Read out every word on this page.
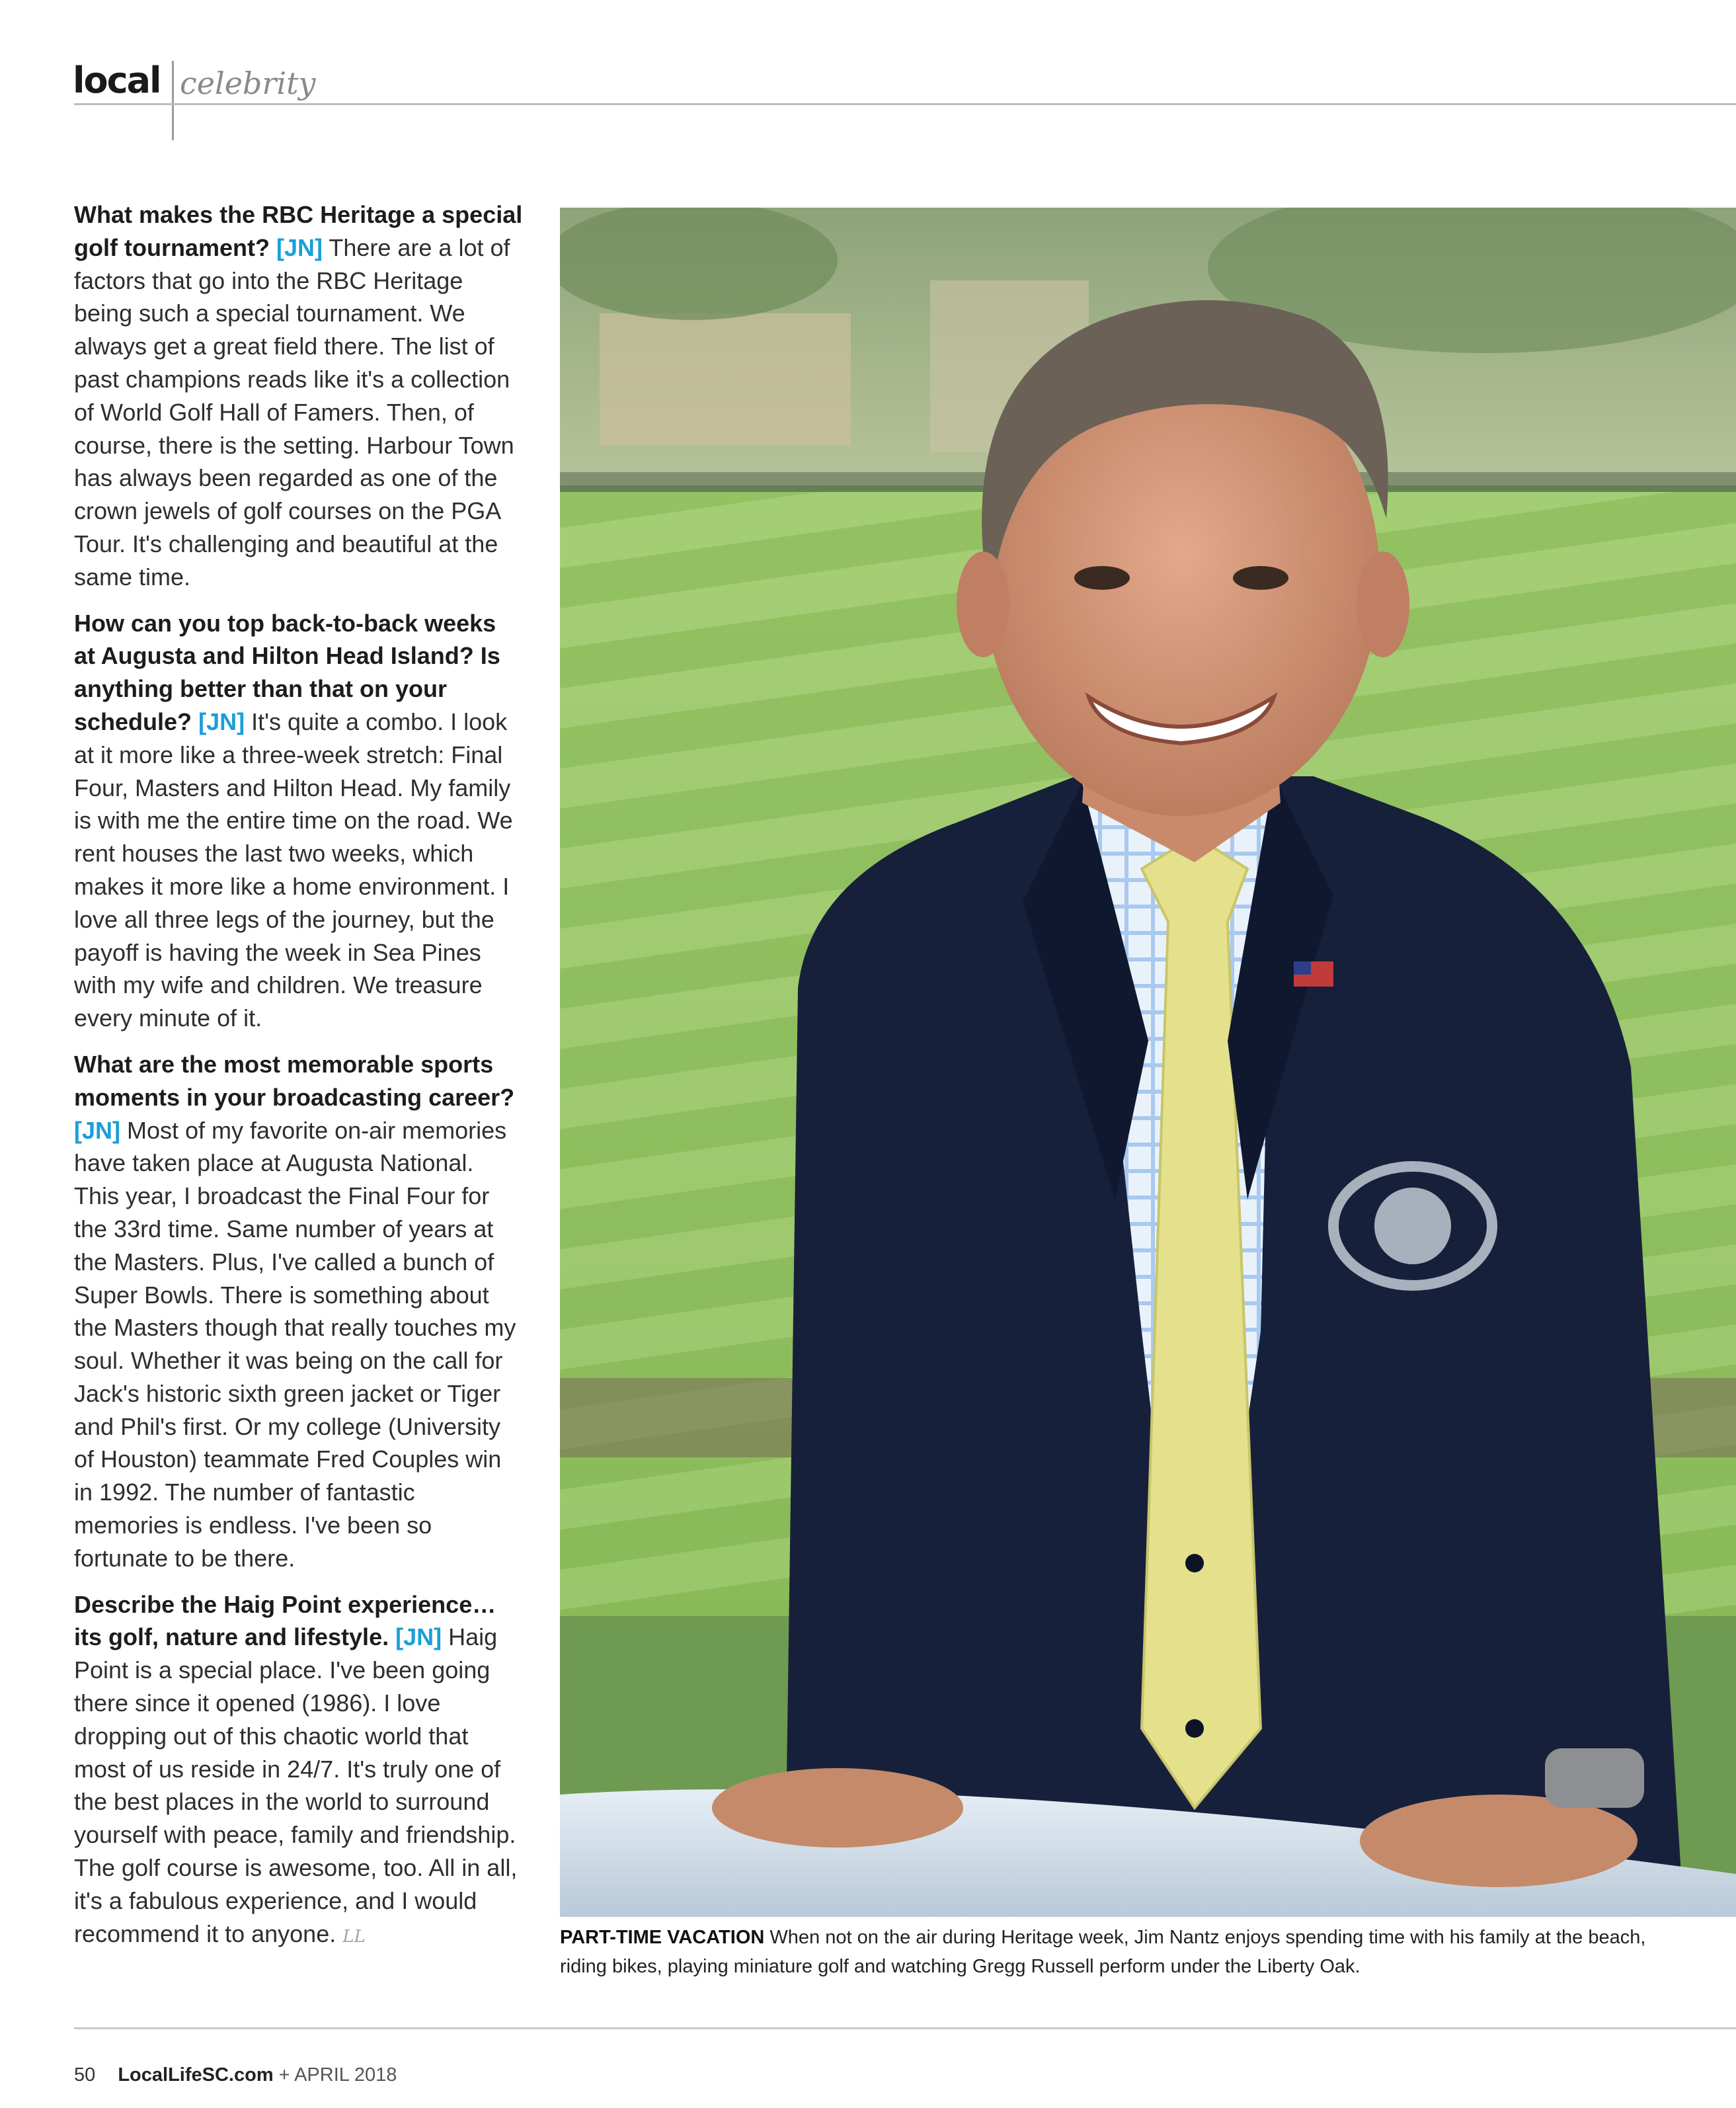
local celebrity

What makes the RBC Heritage a special golf tournament? [JN] There are a lot of factors that go into the RBC Heritage being such a special tournament. We always get a great field there. The list of past champions reads like it's a collection of World Golf Hall of Famers. Then, of course, there is the setting. Harbour Town has always been regarded as one of the crown jewels of golf courses on the PGA Tour. It's challenging and beautiful at the same time.

How can you top back-to-back weeks at Augusta and Hilton Head Island? Is anything better than that on your schedule? [JN] It's quite a combo. I look at it more like a three-week stretch: Final Four, Masters and Hilton Head. My family is with me the entire time on the road. We rent houses the last two weeks, which makes it more like a home environment. I love all three legs of the journey, but the payoff is having the week in Sea Pines with my wife and children. We treasure every minute of it.

What are the most memorable sports moments in your broadcasting career? [JN] Most of my favorite on-air memories have taken place at Augusta National. This year, I broadcast the Final Four for the 33rd time. Same number of years at the Masters. Plus, I've called a bunch of Super Bowls. There is something about the Masters though that really touches my soul. Whether it was being on the call for Jack's historic sixth green jacket or Tiger and Phil's first. Or my college (University of Houston) teammate Fred Couples win in 1992. The number of fantastic memories is endless. I've been so fortunate to be there.

Describe the Haig Point experience… its golf, nature and lifestyle. [JN] Haig Point is a special place. I've been going there since it opened (1986). I love dropping out of this chaotic world that most of us reside in 24/7. It's truly one of the best places in the world to surround yourself with peace, family and friendship. The golf course is awesome, too. All in all, it's a fabulous experience, and I would recommend it to anyone. LL	PART-TIME VACATION When not on the air during Heritage week, Jim Nantz enjoys spending time with his family at the beach, riding bikes, playing miniature golf and watching Gregg Russell perform under the Liberty Oak.
50 LocalLifeSC.com + APRIL 2018
